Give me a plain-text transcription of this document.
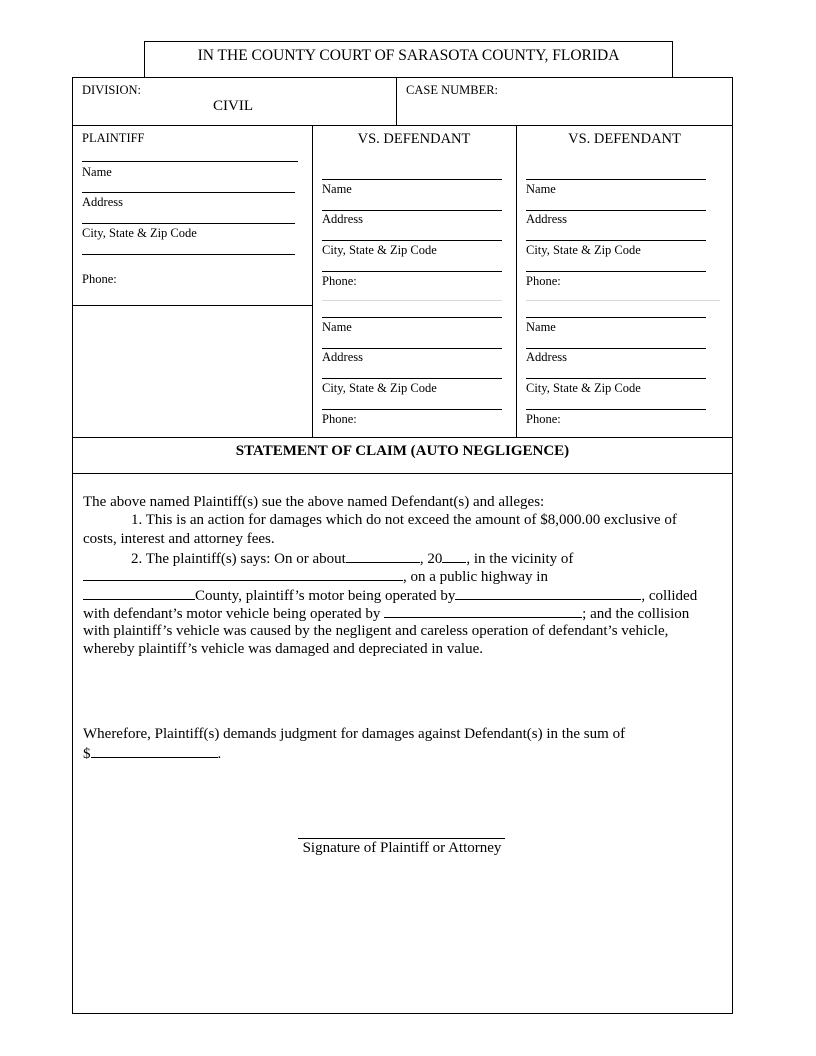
IN THE COUNTY COURT OF SARASOTA COUNTY, FLORIDA
DIVISION:
CIVIL
CASE NUMBER:
PLAINTIFF
Name
Address
City, State & Zip Code
Phone:
VS. DEFENDANT
Name
Address
City, State & Zip Code
Phone:
Name
Address
City, State & Zip Code
Phone:
VS. DEFENDANT
Name
Address
City, State & Zip Code
Phone:
Name
Address
City, State & Zip Code
Phone:
STATEMENT OF CLAIM (AUTO NEGLIGENCE)
The above named Plaintiff(s) sue the above named Defendant(s) and alleges:
1. This is an action for damages which do not exceed the amount of $8,000.00 exclusive of
costs, interest and attorney fees.
2. The plaintiff(s) says: On or about	, 20 , in the vicinity of
, on a public highway in
County, plaintiff’s motor being operated by	, collided
with defendant’s motor vehicle being operated by	; and the collision
with plaintiff’s vehicle was caused by the negligent and careless operation of defendant’s vehicle,
whereby plaintiff’s vehicle was damaged and depreciated in value.
Wherefore, Plaintiff(s) demands judgment for damages against Defendant(s) in the sum of
$	.
Signature of Plaintiff or Attorney
